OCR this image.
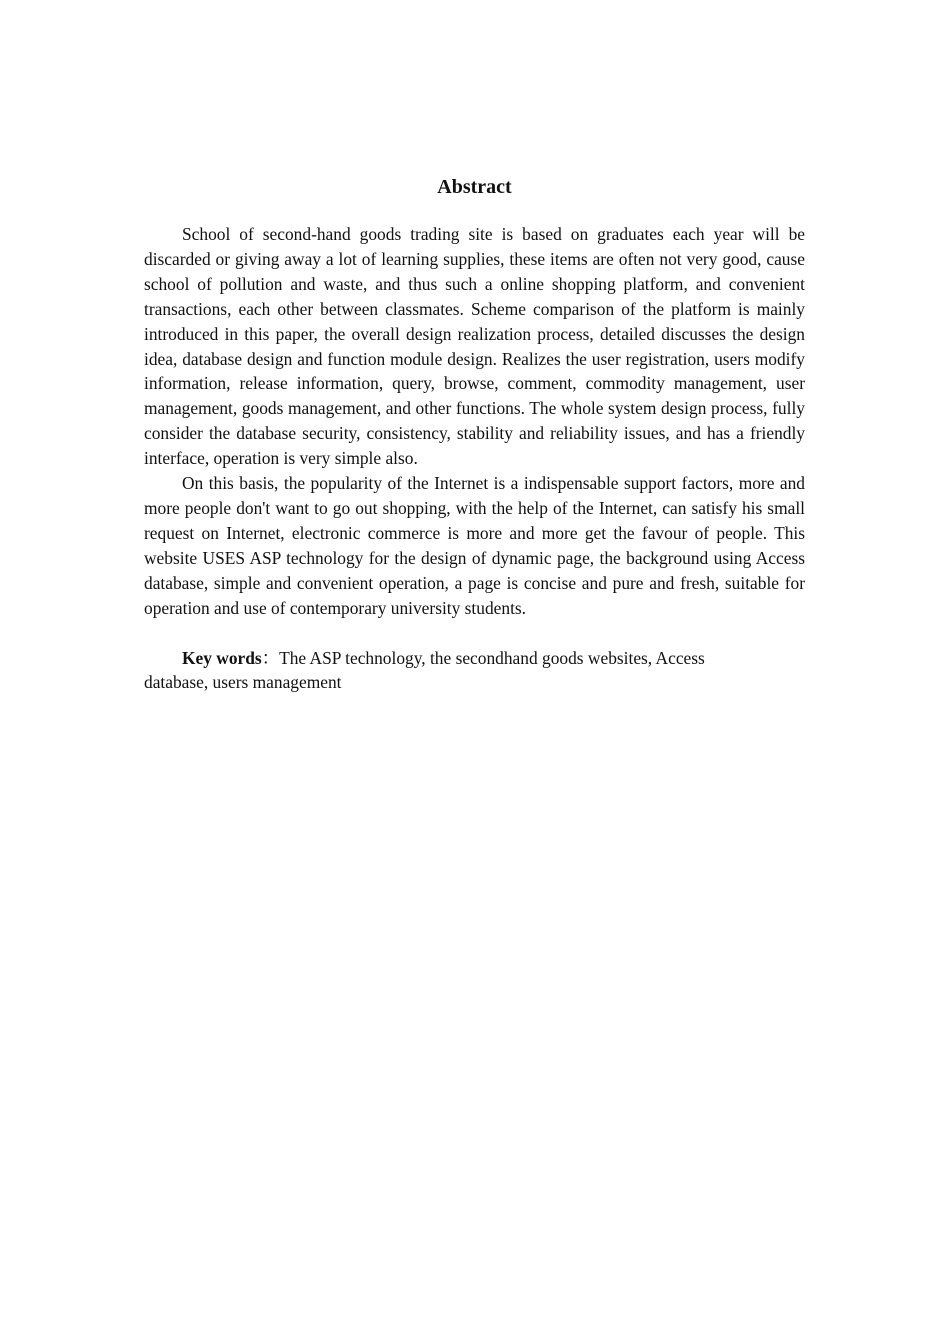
Abstract

School of second-hand goods trading site is based on graduates each year will be discarded or giving away a lot of learning supplies, these items are often not very good, cause school of pollution and waste, and thus such a online shopping platform, and convenient transactions, each other between classmates. Scheme comparison of the platform is mainly introduced in this paper, the overall design realization process, detailed discusses the design idea, database design and function module design. Realizes the user registration, users modify information, release information, query, browse, comment, commodity management, user management, goods management, and other functions. The whole system design process, fully consider the database security, consistency, stability and reliability issues, and has a friendly interface, operation is very simple also.

On this basis, the popularity of the Internet is a indispensable support factors, more and more people don't want to go out shopping, with the help of the Internet, can satisfy his small request on Internet, electronic commerce is more and more get the favour of people. This website USES ASP technology for the design of dynamic page, the background using Access database, simple and convenient operation, a page is concise and pure and fresh, suitable for operation and use of contemporary university students.

Key words：The ASP technology, the secondhand goods websites, Access database, users management
